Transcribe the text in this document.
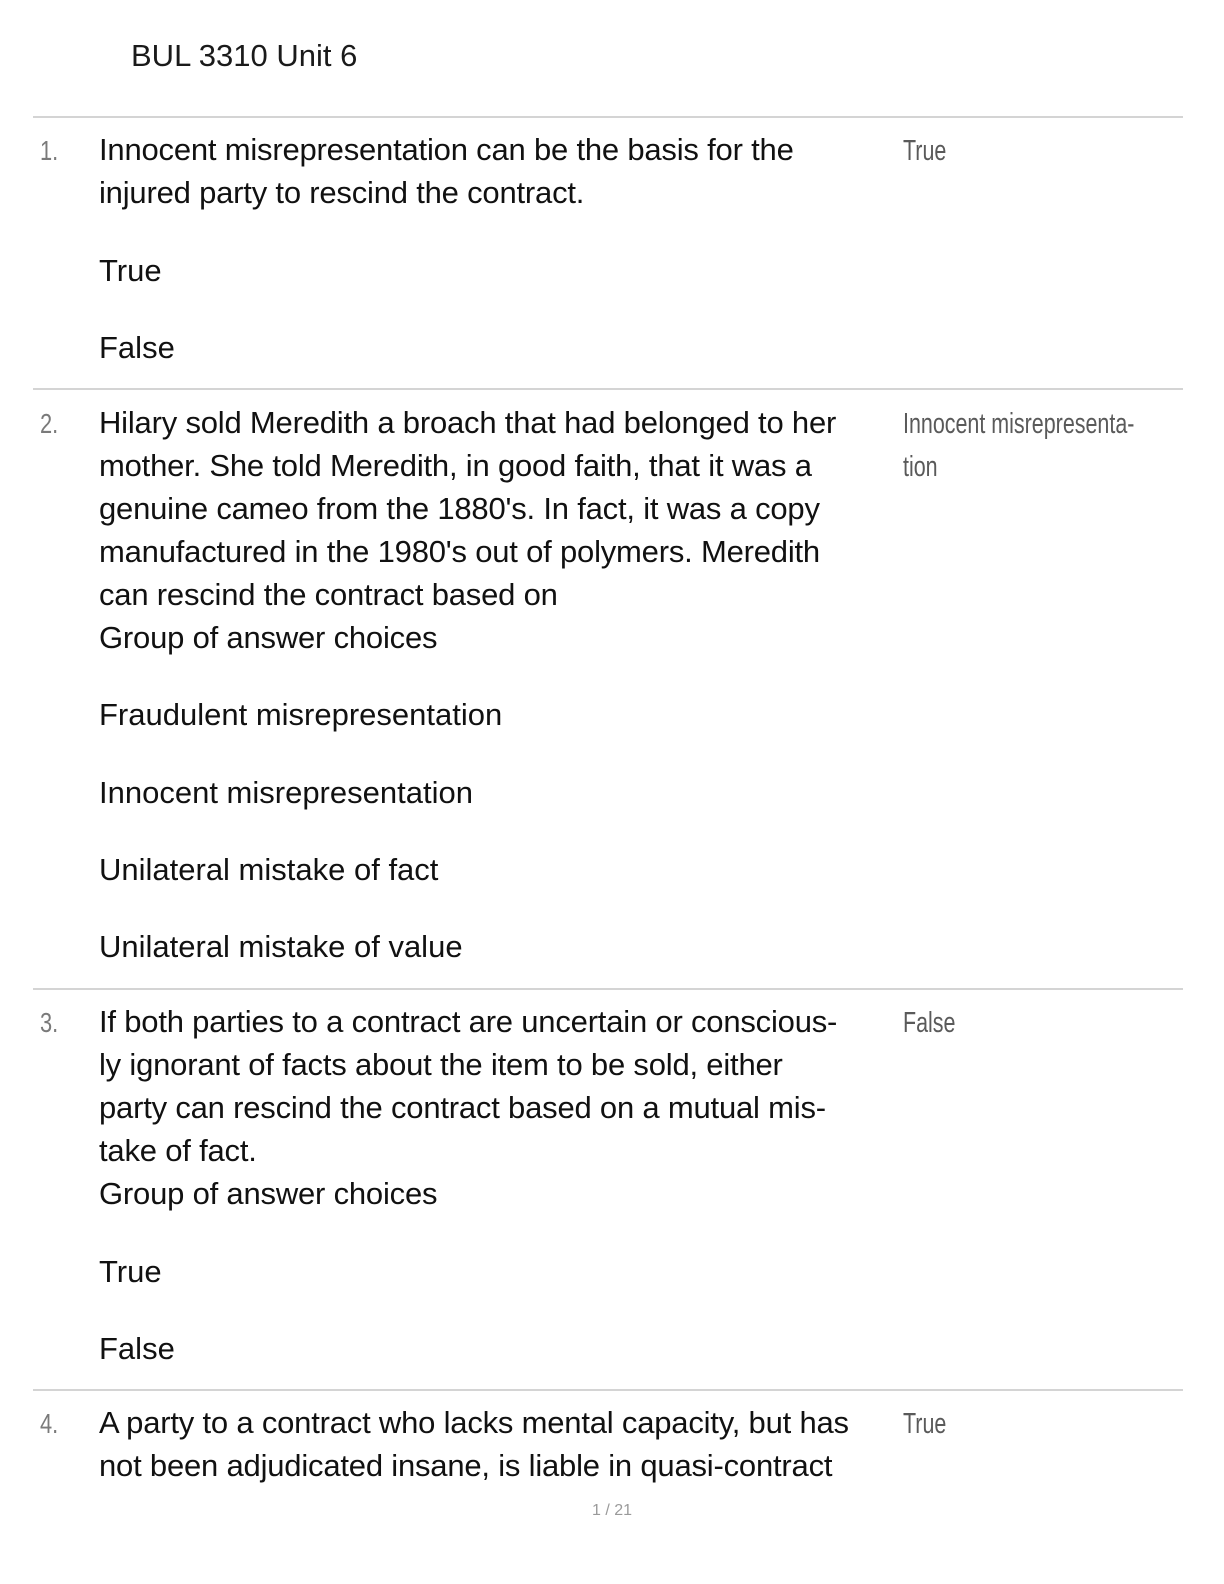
BUL 3310 Unit 6
1. Innocent misrepresentation can be the basis for the
injured party to rescind the contract.
True
True
False
2. Hilary sold Meredith a broach that had belonged to her
mother. She told Meredith, in good faith, that it was a
genuine cameo from the 1880's. In fact, it was a copy
manufactured in the 1980's out of polymers. Meredith
can rescind the contract based on
Group of answer choices
Innocent misrepresenta-
tion
Fraudulent misrepresentation
Innocent misrepresentation
Unilateral mistake of fact
Unilateral mistake of value
3. If both parties to a contract are uncertain or conscious-
ly ignorant of facts about the item to be sold, either
party can rescind the contract based on a mutual mis-
take of fact.
Group of answer choices
False
True
False
4. A party to a contract who lacks mental capacity, but has
not been adjudicated insane, is liable in quasi-contract
True
1 / 21
